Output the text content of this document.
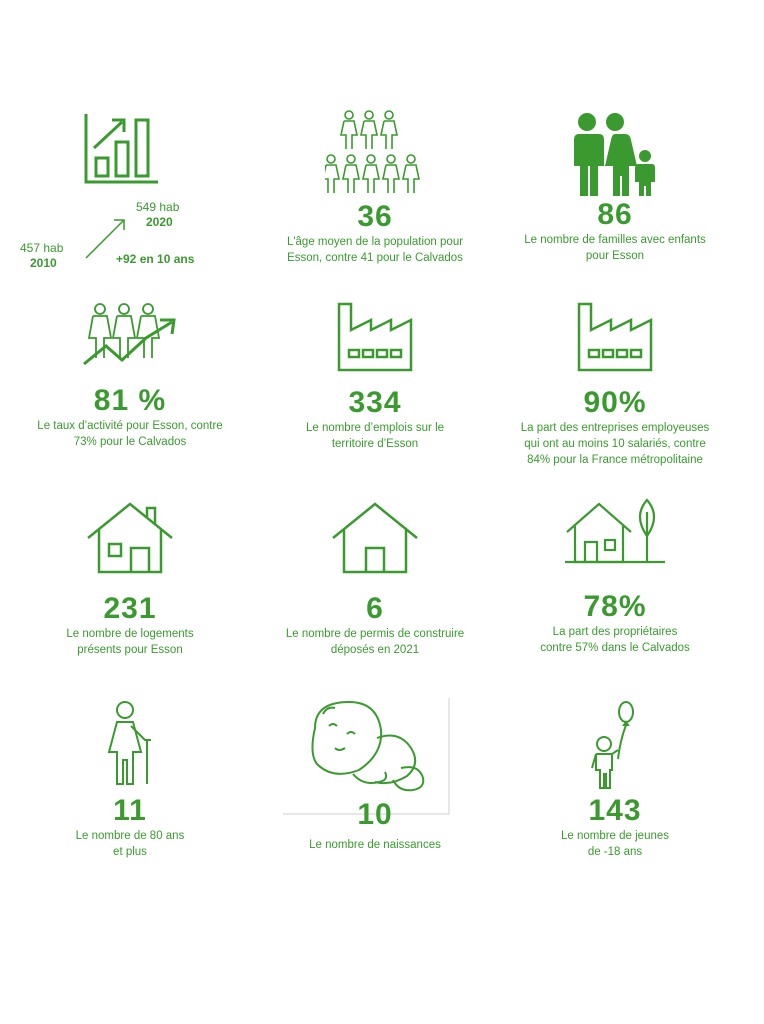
549 hab
2020
457 hab
2010	+92 en 10 ans
36
L'âge moyen de la population pour
Esson, contre 41 pour le Calvados
86
Le nombre de familles avec enfants
pour Esson
81 %
Le taux d’activité pour Esson, contre
73% pour le Calvados
334
Le nombre d’emplois sur le
territoire d’Esson
90%
La part des entreprises employeuses
qui ont au moins 10 salariés, contre
84% pour la France métropolitaine
231
Le nombre de logements
présents pour Esson
6
Le nombre de permis de construire
déposés en 2021
78%
La part des propriétaires
contre 57% dans le Calvados
11
Le nombre de 80 ans
et plus
10
Le nombre de naissances
143
Le nombre de jeunes
de -18 ans
